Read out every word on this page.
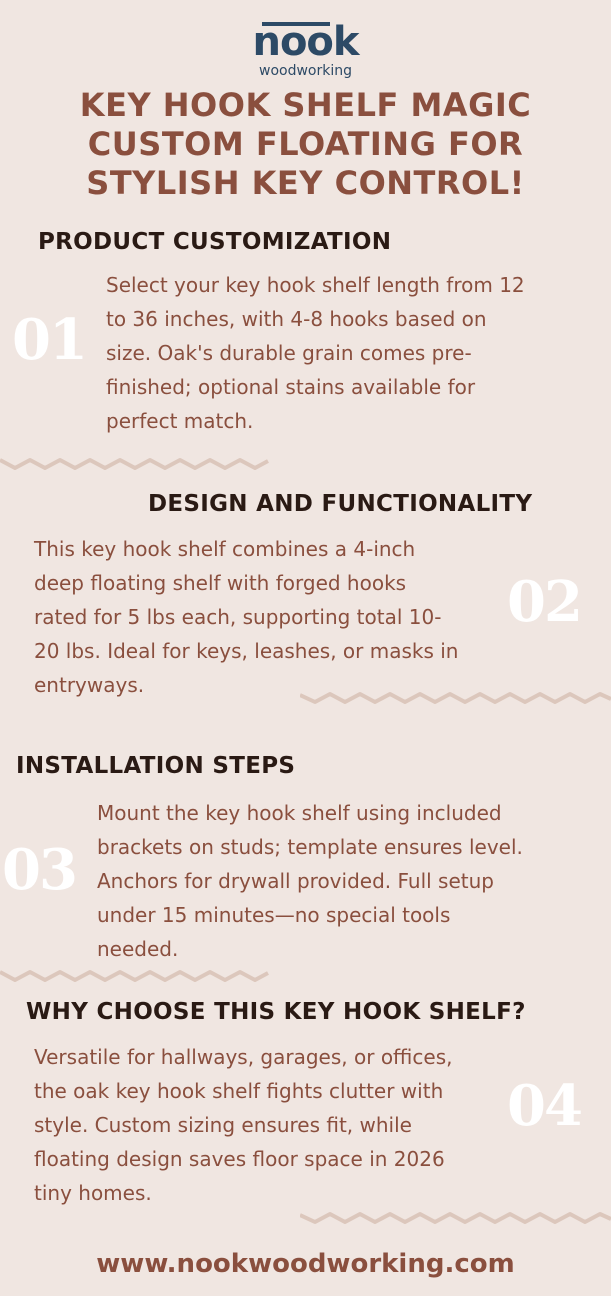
nook
woodworking
KEY HOOK SHELF MAGIC
CUSTOM FLOATING FOR
STYLISH KEY CONTROL!
PRODUCT CUSTOMIZATION
01
Select your key hook shelf length from 12
to 36 inches, with 4-8 hooks based on
size. Oak's durable grain comes pre-
finished; optional stains available for
perfect match.
DESIGN AND FUNCTIONALITY
02
This key hook shelf combines a 4-inch
deep floating shelf with forged hooks
rated for 5 lbs each, supporting total 10-
20 lbs. Ideal for keys, leashes, or masks in
entryways.
INSTALLATION STEPS
03
Mount the key hook shelf using included
brackets on studs; template ensures level.
Anchors for drywall provided. Full setup
under 15 minutes—no special tools
needed.
WHY CHOOSE THIS KEY HOOK SHELF?
04
Versatile for hallways, garages, or offices,
the oak key hook shelf fights clutter with
style. Custom sizing ensures fit, while
floating design saves floor space in 2026
tiny homes.
www.nookwoodworking.com
